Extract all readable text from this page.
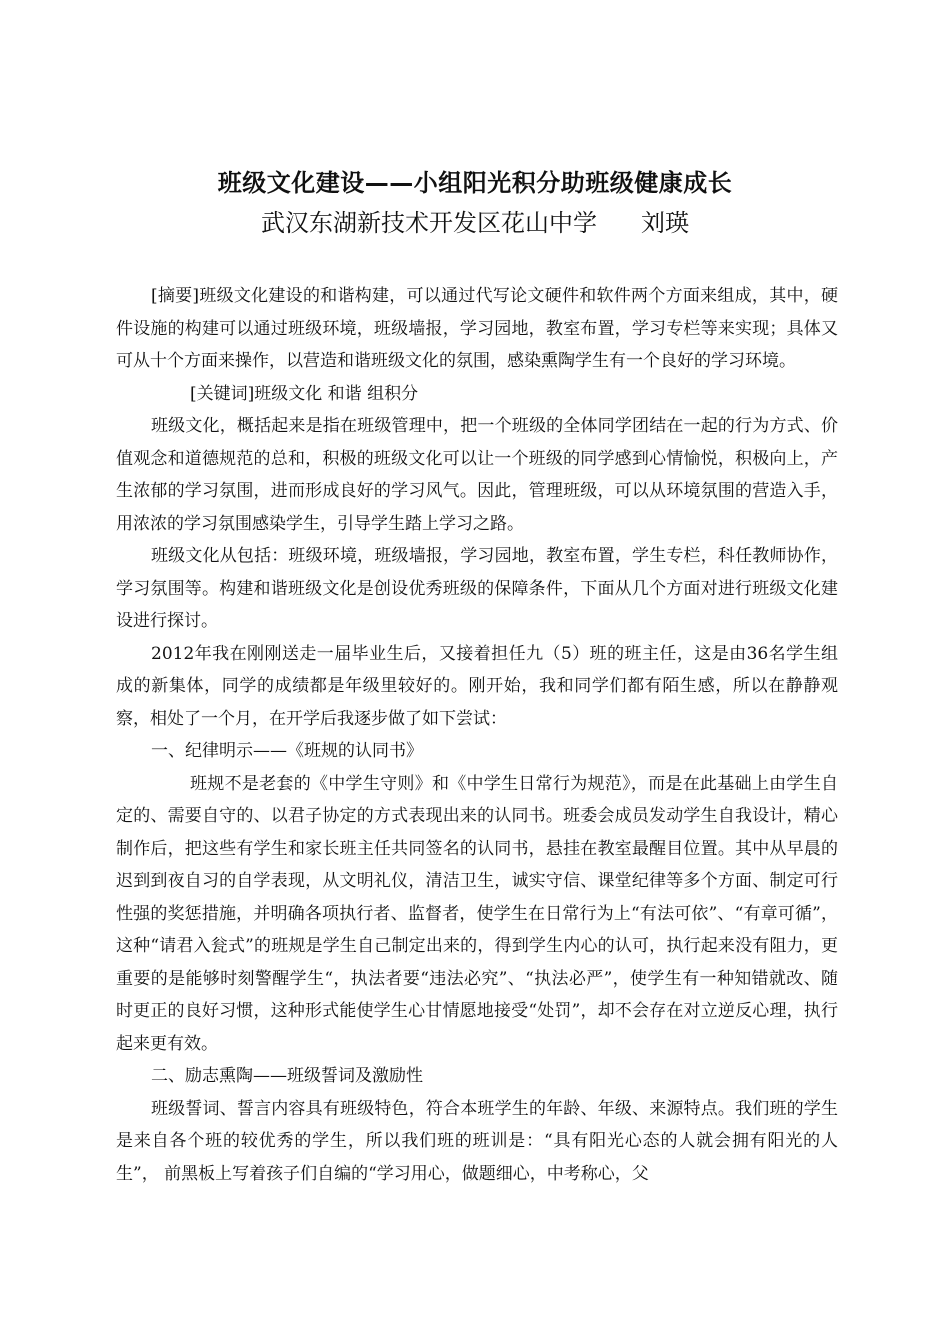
班级文化建设——小组阳光积分助班级健康成长
武汉东湖新技术开发区花山中学 刘瑛

[摘要]班级文化建设的和谐构建，可以通过代写论文硬件和软件两个方面来组成，其中，硬件设施的构建可以通过班级环境，班级墙报，学习园地，教室布置，学习专栏等来实现；具体又可从十个方面来操作，以营造和谐班级文化的氛围，感染熏陶学生有一个良好的学习环境。

[关键词]班级文化 和谐 组积分

班级文化，概括起来是指在班级管理中，把一个班级的全体同学团结在一起的行为方式、价值观念和道德规范的总和，积极的班级文化可以让一个班级的同学感到心情愉悦，积极向上，产生浓郁的学习氛围，进而形成良好的学习风气。因此，管理班级，可以从环境氛围的营造入手，用浓浓的学习氛围感染学生，引导学生踏上学习之路。

班级文化从包括：班级环境，班级墙报，学习园地，教室布置，学生专栏，科任教师协作，学习氛围等。构建和谐班级文化是创设优秀班级的保障条件，下面从几个方面对进行班级文化建设进行探讨。

2012年我在刚刚送走一届毕业生后，又接着担任九（5）班的班主任，这是由36名学生组成的新集体，同学的成绩都是年级里较好的。刚开始，我和同学们都有陌生感，所以在静静观察，相处了一个月，在开学后我逐步做了如下尝试：

一、纪律明示——《班规的认同书》

班规不是老套的《中学生守则》和《中学生日常行为规范》，而是在此基础上由学生自定的、需要自守的、以君子协定的方式表现出来的认同书。班委会成员发动学生自我设计，精心制作后，把这些有学生和家长班主任共同签名的认同书，悬挂在教室最醒目位置。其中从早晨的迟到到夜自习的自学表现，从文明礼仪，清洁卫生，诚实守信、课堂纪律等多个方面、制定可行性强的奖惩措施，并明确各项执行者、监督者，使学生在日常行为上“有法可依”、“有章可循”，这种“请君入瓮式”的班规是学生自己制定出来的，得到学生内心的认可，执行起来没有阻力，更重要的是能够时刻警醒学生“，执法者要“违法必究”、“执法必严”，使学生有一种知错就改、随时更正的良好习惯，这种形式能使学生心甘情愿地接受“处罚”，却不会存在对立逆反心理，执行起来更有效。

二、励志熏陶——班级誓词及激励性

班级誓词、誓言内容具有班级特色，符合本班学生的年龄、年级、来源特点。我们班的学生是来自各个班的较优秀的学生，所以我们班的班训是：“具有阳光心态的人就会拥有阳光的人生”， 前黑板上写着孩子们自编的“学习用心，做题细心，中考称心，父
